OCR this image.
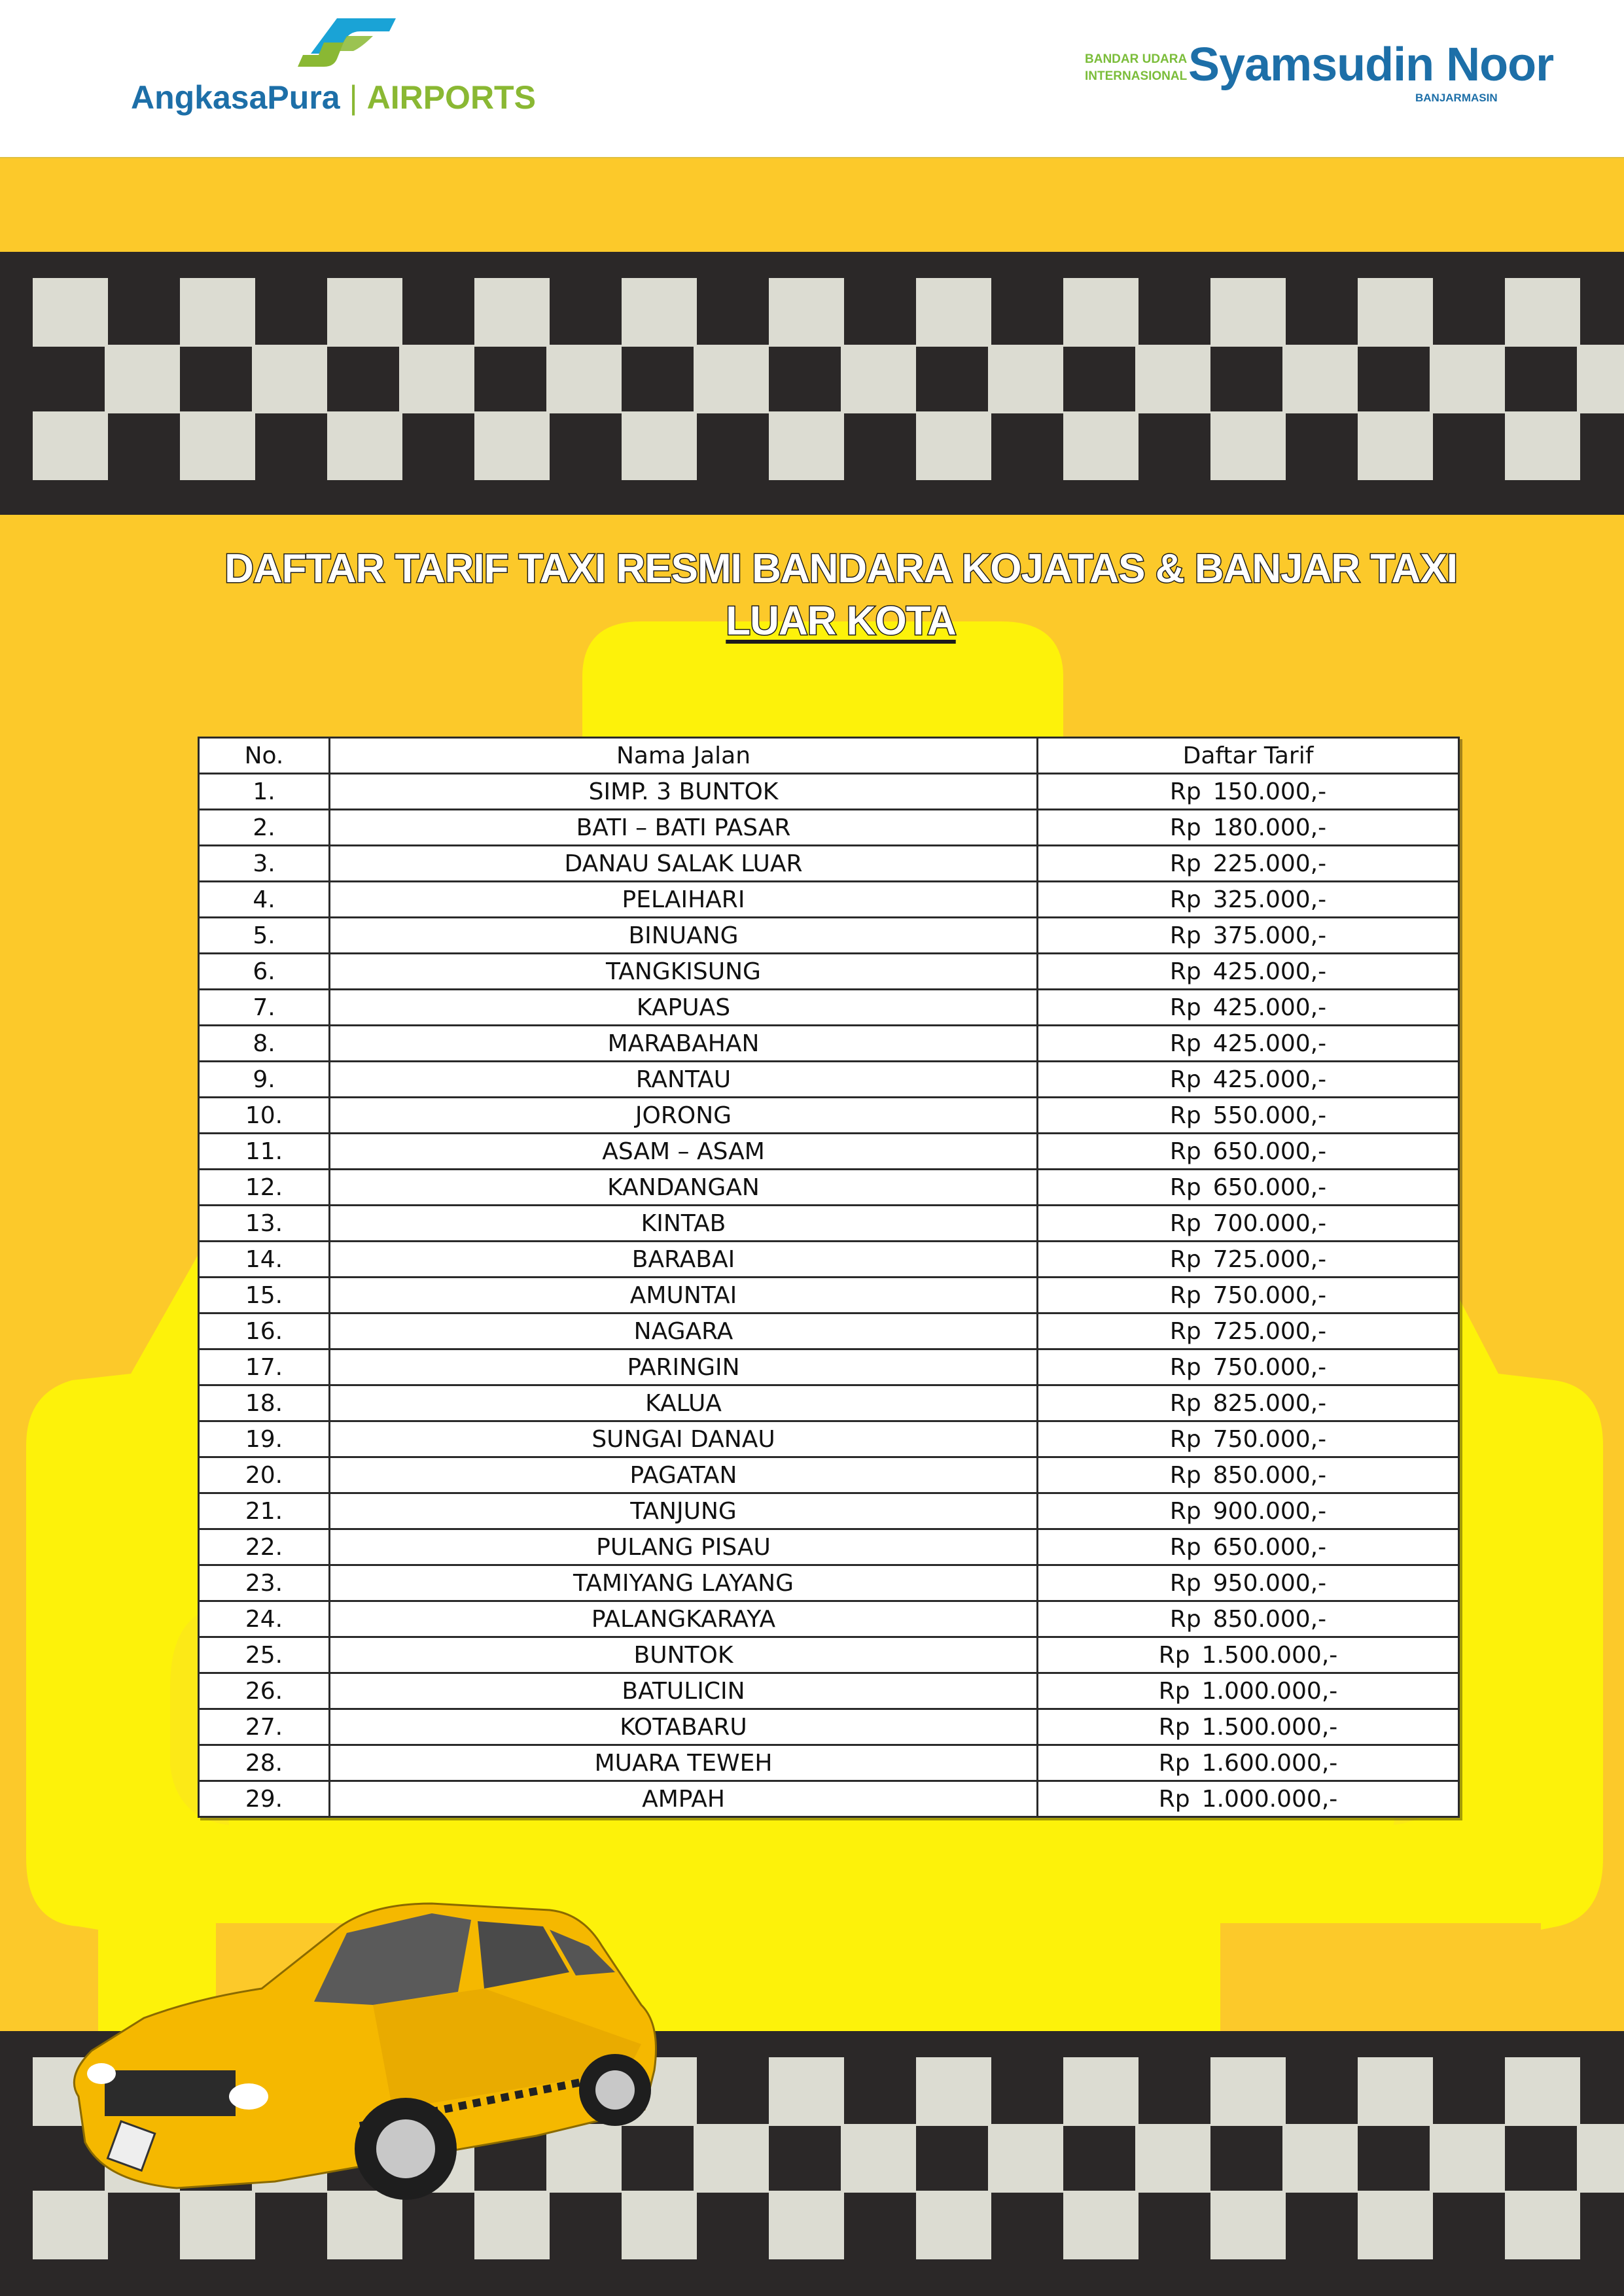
AngkasaPura | AIRPORTS
BANDAR UDARA
INTERNASIONAL Syamsudin Noor
BANJARMASIN
DAFTAR TARIF TAXI RESMI BANDARA KOJATAS & BANJAR TAXI
LUAR KOTA
No.	Nama Jalan	Daftar Tarif
1.	SIMP. 3 BUNTOK	Rp 150.000,-
2.	BATI – BATI PASAR	Rp 180.000,-
3.	DANAU SALAK LUAR	Rp 225.000,-
4.	PELAIHARI	Rp 325.000,-
5.	BINUANG	Rp 375.000,-
6.	TANGKISUNG	Rp 425.000,-
7.	KAPUAS	Rp 425.000,-
8.	MARABAHAN	Rp 425.000,-
9.	RANTAU	Rp 425.000,-
10.	JORONG	Rp 550.000,-
11.	ASAM – ASAM	Rp 650.000,-
12.	KANDANGAN	Rp 650.000,-
13.	KINTAB	Rp 700.000,-
14.	BARABAI	Rp 725.000,-
15.	AMUNTAI	Rp 750.000,-
16.	NAGARA	Rp 725.000,-
17.	PARINGIN	Rp 750.000,-
18.	KALUA	Rp 825.000,-
19.	SUNGAI DANAU	Rp 750.000,-
20.	PAGATAN	Rp 850.000,-
21.	TANJUNG	Rp 900.000,-
22.	PULANG PISAU	Rp 650.000,-
23.	TAMIYANG LAYANG	Rp 950.000,-
24.	PALANGKARAYA	Rp 850.000,-
25.	BUNTOK	Rp 1.500.000,-
26.	BATULICIN	Rp 1.000.000,-
27.	KOTABARU	Rp 1.500.000,-
28.	MUARA TEWEH	Rp 1.600.000,-
29.	AMPAH	Rp 1.000.000,-
